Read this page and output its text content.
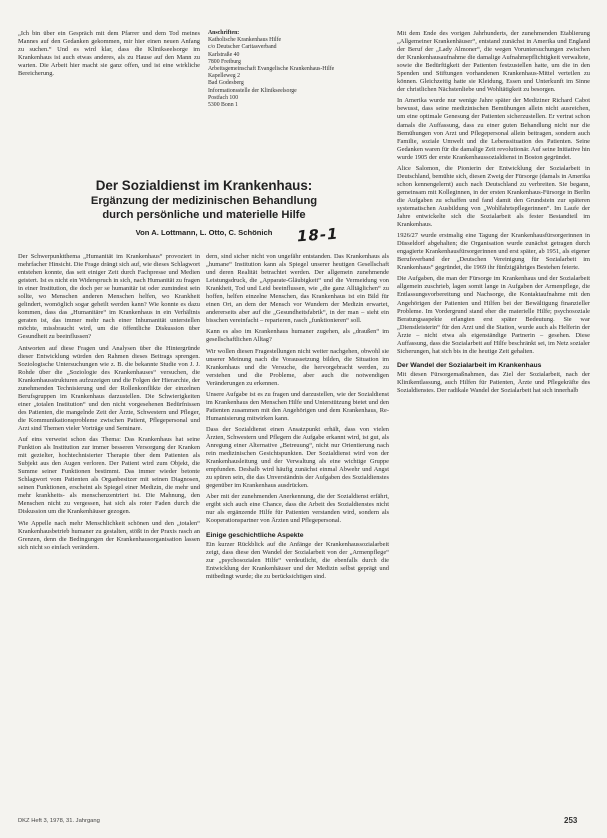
„Ich bin über ein Gespräch mit dem Pfarrer und dem Tod meines Mannes auf den Gedanken gekommen, mir hier einen neuen Anfang zu suchen.“ Und es wird klar, dass die Klinikseelsorge im Krankenhaus ist auch etwas anderes, als zu Hause auf den Mann zu warten. Die Arbeit hier macht sie ganz offen, und ist eine wirkliche Bereicherung.

Anschriften:
Katholische Krankenhaus Hilfe
c/o Deutscher Caritasverband
Karlstraße 40
7800 Freiburg
Arbeitsgemeinschaft Evangelische Krankenhaus-Hilfe
Kapelleweg 2
Bad Godesberg
Informationsstelle der Klinikseelsorge
Postfach 100
5300 Bonn 1

Mit dem Ende des vorigen Jahrhunderts, der zunehmenden Etablierung „Allgemeiner Krankenhäuser“, entstand zunächst in Amerika und England der Beruf der „Lady Almoner“, die wegen Voruntersuchungen zwischen der Krankenhausaufnahme die damalige Aufnahmepflichtigkeit verwaltete, sowie die Bedürftigkeit der Patienten festzustellen hatte, um die in den Spenden und Stiftungen vorhandenen Krankenhaus-Mittel verteilen zu können. Gleichzeitig hatte sie Kleidung, Essen und Unterkunft im Sinne der christlichen Nächstenliebe und Wohltätigkeit zu besorgen.

In Amerika wurde nur wenige Jahre später der Mediziner Richard Cabot bewusst, dass seine medizinischen Bemühungen allein nicht ausreichen, um eine optimale Genesung der Patienten sicherzustellen. Er vertrat schon damals die Auffassung, dass zu einer guten Behandlung nicht nur die Bemühungen von Arzt und Pflegepersonal allein beitragen, sondern auch Familie, soziale Umwelt und die Lebenssituation des Patienten. Seine Gedanken waren für die damalige Zeit revolutionär. Auf seine Initiative hin wurde 1905 der erste Krankenhaussozialdienst in Boston gegründet.

Alice Salomon, die Pionierin der Entwicklung der Sozialarbeit in Deutschland, bemühte sich, diesen Zweig der Fürsorge (damals in Amerika schon kennengelernt) auch nach Deutschland zu verbreiten. Sie begann, gemeinsam mit Kolleginnen, in der ersten Krankenhaus-Fürsorge in Berlin die Aufgaben zu schaffen und fand damit den Grundstein zur späteren systematischen Ausbildung von „Wohlfahrtspflegerinnen“. Im Laufe der Jahre entwickelte sich die Sozialarbeit als fester Bestandteil im Krankenhaus.

1926/27 wurde erstmalig eine Tagung der Krankenhausfürsorgerinnen in Düsseldorf abgehalten; die Organisation wurde zunächst getragen durch engagierte Krankenhausfürsorgerinnen und erst später, ab 1951, als eigener Berufsverband der „Deutschen Vereinigung für Sozialarbeit im Krankenhaus“ gegründet, die 1969 ihr fünfzigjähriges Bestehen feierte.

Die Aufgaben, die man der Fürsorge im Krankenhaus und der Sozialarbeit allgemein zuschrieb, lagen somit lange in Aufgaben der Armenpflege, die Entlassungsvorbereitung und Nachsorge, die Kontaktaufnahme mit den Angehörigen der Patienten und Hilfen bei der Bewältigung finanzieller Probleme. Im Vordergrund stand eher die materielle Hilfe; psychosoziale Beratungsaspekte erlangten erst später Bedeutung. Sie war „Dienstleisterin“ für den Arzt und die Station, wurde auch als Helferin der Ärzte – nicht etwa als eigenständige Partnerin – gesehen. Diese Auffassung, dass die Sozialarbeit auf Hilfe beschränkt sei, im Netz sozialer Sicherungen, hat sich bis in die heutige Zeit gehalten.

Der Wandel der Sozialarbeit im Krankenhaus

Mit diesen Fürsorgemaßnahmen, das Ziel der Sozialarbeit, nach der Klinikentlassung, auch Hilfen für Patienten, Ärzte und Pflegekräfte des Sozialdienstes. Der radikale Wandel der Sozialarbeit hat sich innerhalb

Der Sozialdienst im Krankenhaus:
Ergänzung der medizinischen Behandlung
durch persönliche und materielle Hilfe
Von A. Lottmann, L. Otto, C. Schönich	18-1

Der Schwerpunktthema „Humanität im Krankenhaus“ provoziert in mehrfacher Hinsicht. Die Frage drängt sich auf, wie dieses Schlagwort entstehen konnte, das seit einiger Zeit durch Fachpresse und Medien geistert. Ist es nicht ein Widerspruch in sich, nach Humanität zu fragen in einer Institution, die doch per se humanitär ist oder zumindest sein sollte, wo Menschen anderen Menschen helfen, wo Krankheit gelindert, womöglich sogar geheilt werden kann? Wie konnte es dazu kommen, dass das „Humanitäre“ im Krankenhaus in ein Verhältnis geraten ist, das immer mehr nach einer Inhumanität unterstellen möchte, missbraucht wird, um die öffentliche Diskussion über Gesundheit zu beeinflussen?

Antworten auf diese Fragen und Analysen über die Hintergründe dieser Entwicklung würden den Rahmen dieses Beitrags sprengen. Soziologische Untersuchungen wie z. B. die bekannte Studie von J. J. Rohde über die „Soziologie des Krankenhauses“ versuchen, die Krankenhausstrukturen aufzuzeigen und die Folgen der Hierarchie, der zunehmenden Technisierung und der Rollenkonflikte der einzelnen Berufsgruppen im Krankenhaus darzustellen. Die Schwierigkeiten einer „totalen Institution“ und den nicht vorgesehenen Bedürfnissen des Patienten, die mangelnde Zeit der Ärzte, Schwestern und Pfleger, die Kommunikationsprobleme zwischen Patient, Pflegepersonal und Arzt sind Themen vieler Vorträge und Seminare.

Auf eins verweist schon das Thema: Das Krankenhaus hat seine Funktion als Institution zur immer besseren Versorgung der Kranken mit gezielter, hochtechnisierter Therapie über dem Patienten als Subjekt aus den Augen verloren. Der Patient wird zum Objekt, die Summe seiner Funktionen bestimmt. Das immer wieder betonte Schlagwort vom Patienten als Organbesitzer mit seinen Diagnosen, seinen Funktionen, erscheint als Spiegel einer Medizin, die mehr und mehr krankheits- als menschenzentriert ist. Die Mahnung, den Menschen nicht zu vergessen, hat sich als roter Faden durch die Diskussion um die Krankenhäuser gezogen.

Wie Appelle nach mehr Menschlichkeit schönen und den „totalen“ Krankenhausbetrieb humaner zu gestalten, stößt in der Praxis rasch an Grenzen, denn die Bedingungen der Krankenhausorganisation lassen sich nicht so einfach verändern.

dern, sind sicher nicht von ungefähr entstanden. Das Krankenhaus als „humane“ Institution kann als Spiegel unserer heutigen Gesellschaft und deren Realität betrachtet werden. Der allgemein zunehmende Leistungsdruck, die „Apparate-Gläubigkeit“ und die Vermeidung von Krankheit, Tod und Leid beeinflussen, wie „die ganz Alltäglichen“ zu hoffen, helfen einzelne Menschen, das Krankenhaus ist ein Bild für einen Ort, an dem der Mensch vor Wundern der Medizin erwartet, andererseits aber auf die „Gesundheitsfabrik“, in der man – sieht ein bisschen vereinfacht – reparieren, rasch „funktionieren“ soll.

Kann es also im Krankenhaus humaner zugehen, als „draußen“ im gesellschaftlichen Alltag?

Wir wollen diesen Fragestellungen nicht weiter nachgehen, obwohl sie unserer Meinung nach die Voraussetzung bilden, die Situation im Krankenhaus und die Versuche, die hervorgebracht werden, zu verstehen und die Probleme, aber auch die notwendigen Veränderungen zu erkennen.

Unsere Aufgabe ist es zu fragen und darzustellen, wie der Sozialdienst im Krankenhaus den Menschen Hilfe und Unterstützung bietet und den Patienten zusammen mit den Angehörigen und dem Krankenhaus, Re-Humanisierung mitwirken kann.

Dass der Sozialdienst einen Ansatzpunkt erhält, dass von vielen Ärzten, Schwestern und Pflegern die Aufgabe erkannt wird, ist gut, als Anregung einer Alternative „Betreuung“, nicht nur Orientierung nach rein medizinischen Gesichtspunkten. Der Sozialdienst wird von der Krankenhausleitung und der Verwaltung als eine wichtige Gruppe empfunden. Deshalb wird häufig zunächst einmal Abwehr und Angst zu spüren sein, die das Unverständnis der Aufgaben des Sozialdienstes gegenüber im Krankenhaus ausdrücken.

Aber mit der zunehmenden Anerkennung, die der Sozialdienst erfährt, ergibt sich auch eine Chance, dass die Arbeit des Sozialdienstes nicht nur als ergänzende Hilfe für Patienten verstanden wird, sondern als Kooperationspartner von Ärzten und Pflegepersonal.

Einige geschichtliche Aspekte

Ein kurzer Rückblick auf die Anfänge der Krankenhaussozialarbeit zeigt, dass diese den Wandel der Sozialarbeit von der „Armenpflege“ zur „psychosozialen Hilfe“ verdeutlicht, die ebenfalls durch die Entwicklung der Krankenhäuser und der Medizin selbst geprägt und mitbedingt wurde; die zu berücksichtigen sind.

DKZ Heft 3, 1978, 31. Jahrgang	253
